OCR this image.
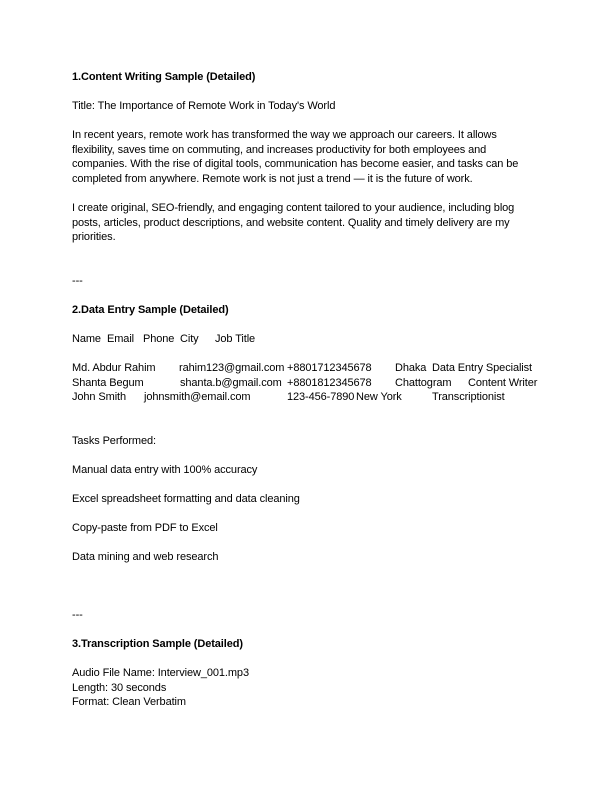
1.Content Writing Sample (Detailed)
Title: The Importance of Remote Work in Today's World
In recent years, remote work has transformed the way we approach our careers. It allows
flexibility, saves time on commuting, and increases productivity for both employees and
companies. With the rise of digital tools, communication has become easier, and tasks can be
completed from anywhere. Remote work is not just a trend — it is the future of work.
I create original, SEO-friendly, and engaging content tailored to your audience, including blog
posts, articles, product descriptions, and website content. Quality and timely delivery are my
priorities.
---
2.Data Entry Sample (Detailed)
Name Email Phone City Job Title
Md. Abdur Rahim rahim123@gmail.com +8801712345678 Dhaka Data Entry Specialist
Shanta Begum	shanta.b@gmail.com +8801812345678 Chattogram Content Writer
John Smith johnsmith@email.com	123-456-7890 New York	Transcriptionist
Tasks Performed:
Manual data entry with 100% accuracy
Excel spreadsheet formatting and data cleaning
Copy-paste from PDF to Excel
Data mining and web research
---
3.Transcription Sample (Detailed)
Audio File Name: Interview_001.mp3
Length: 30 seconds
Format: Clean Verbatim
